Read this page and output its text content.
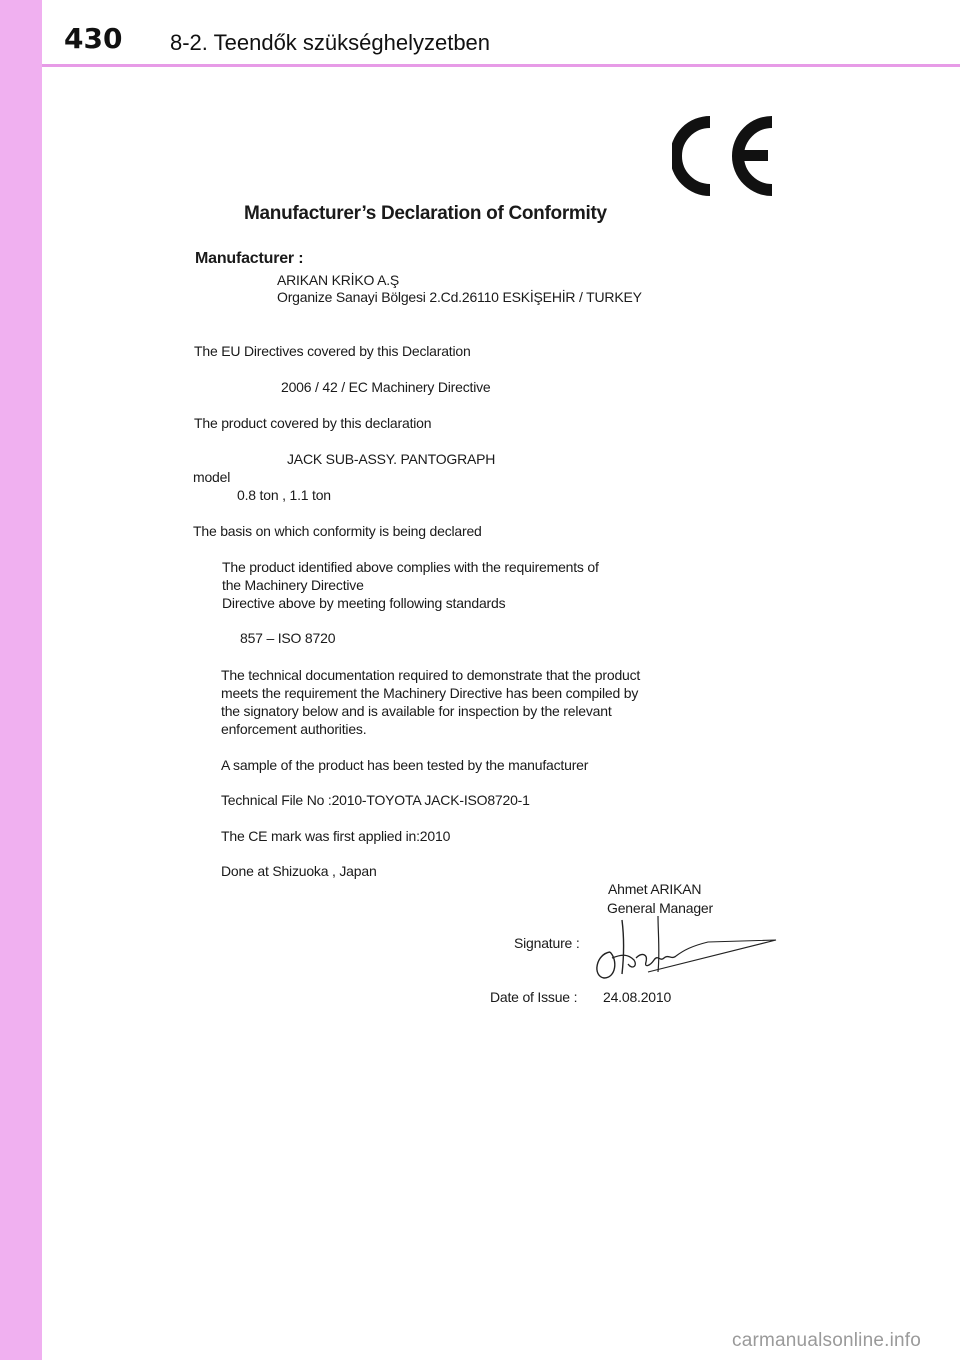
430 8-2. Teendők szükséghelyzetben
Manufacturer’s Declaration of Conformity
Manufacturer :
ARIKAN KRİKO A.Ş
Organize Sanayi Bölgesi 2.Cd.26110 ESKİŞEHİR / TURKEY
The EU Directives covered by this Declaration
2006 / 42 / EC Machinery Directive
The product covered by this declaration
JACK SUB-ASSY. PANTOGRAPH
model
0.8 ton , 1.1 ton
The basis on which conformity is being declared
The product identified above complies with the requirements of
the Machinery Directive
Directive above by meeting following standards
857 – ISO 8720
The technical documentation required to demonstrate that the product
meets the requirement the Machinery Directive has been compiled by
the signatory below and is available for inspection by the relevant
enforcement authorities.
A sample of the product has been tested by the manufacturer
Technical File No :2010-TOYOTA JACK-ISO8720-1
The CE mark was first applied in:2010
Done at Shizuoka , Japan
Ahmet ARIKAN
General Manager
Signature :
Date of Issue : 24.08.2010
carmanualsonline.info
